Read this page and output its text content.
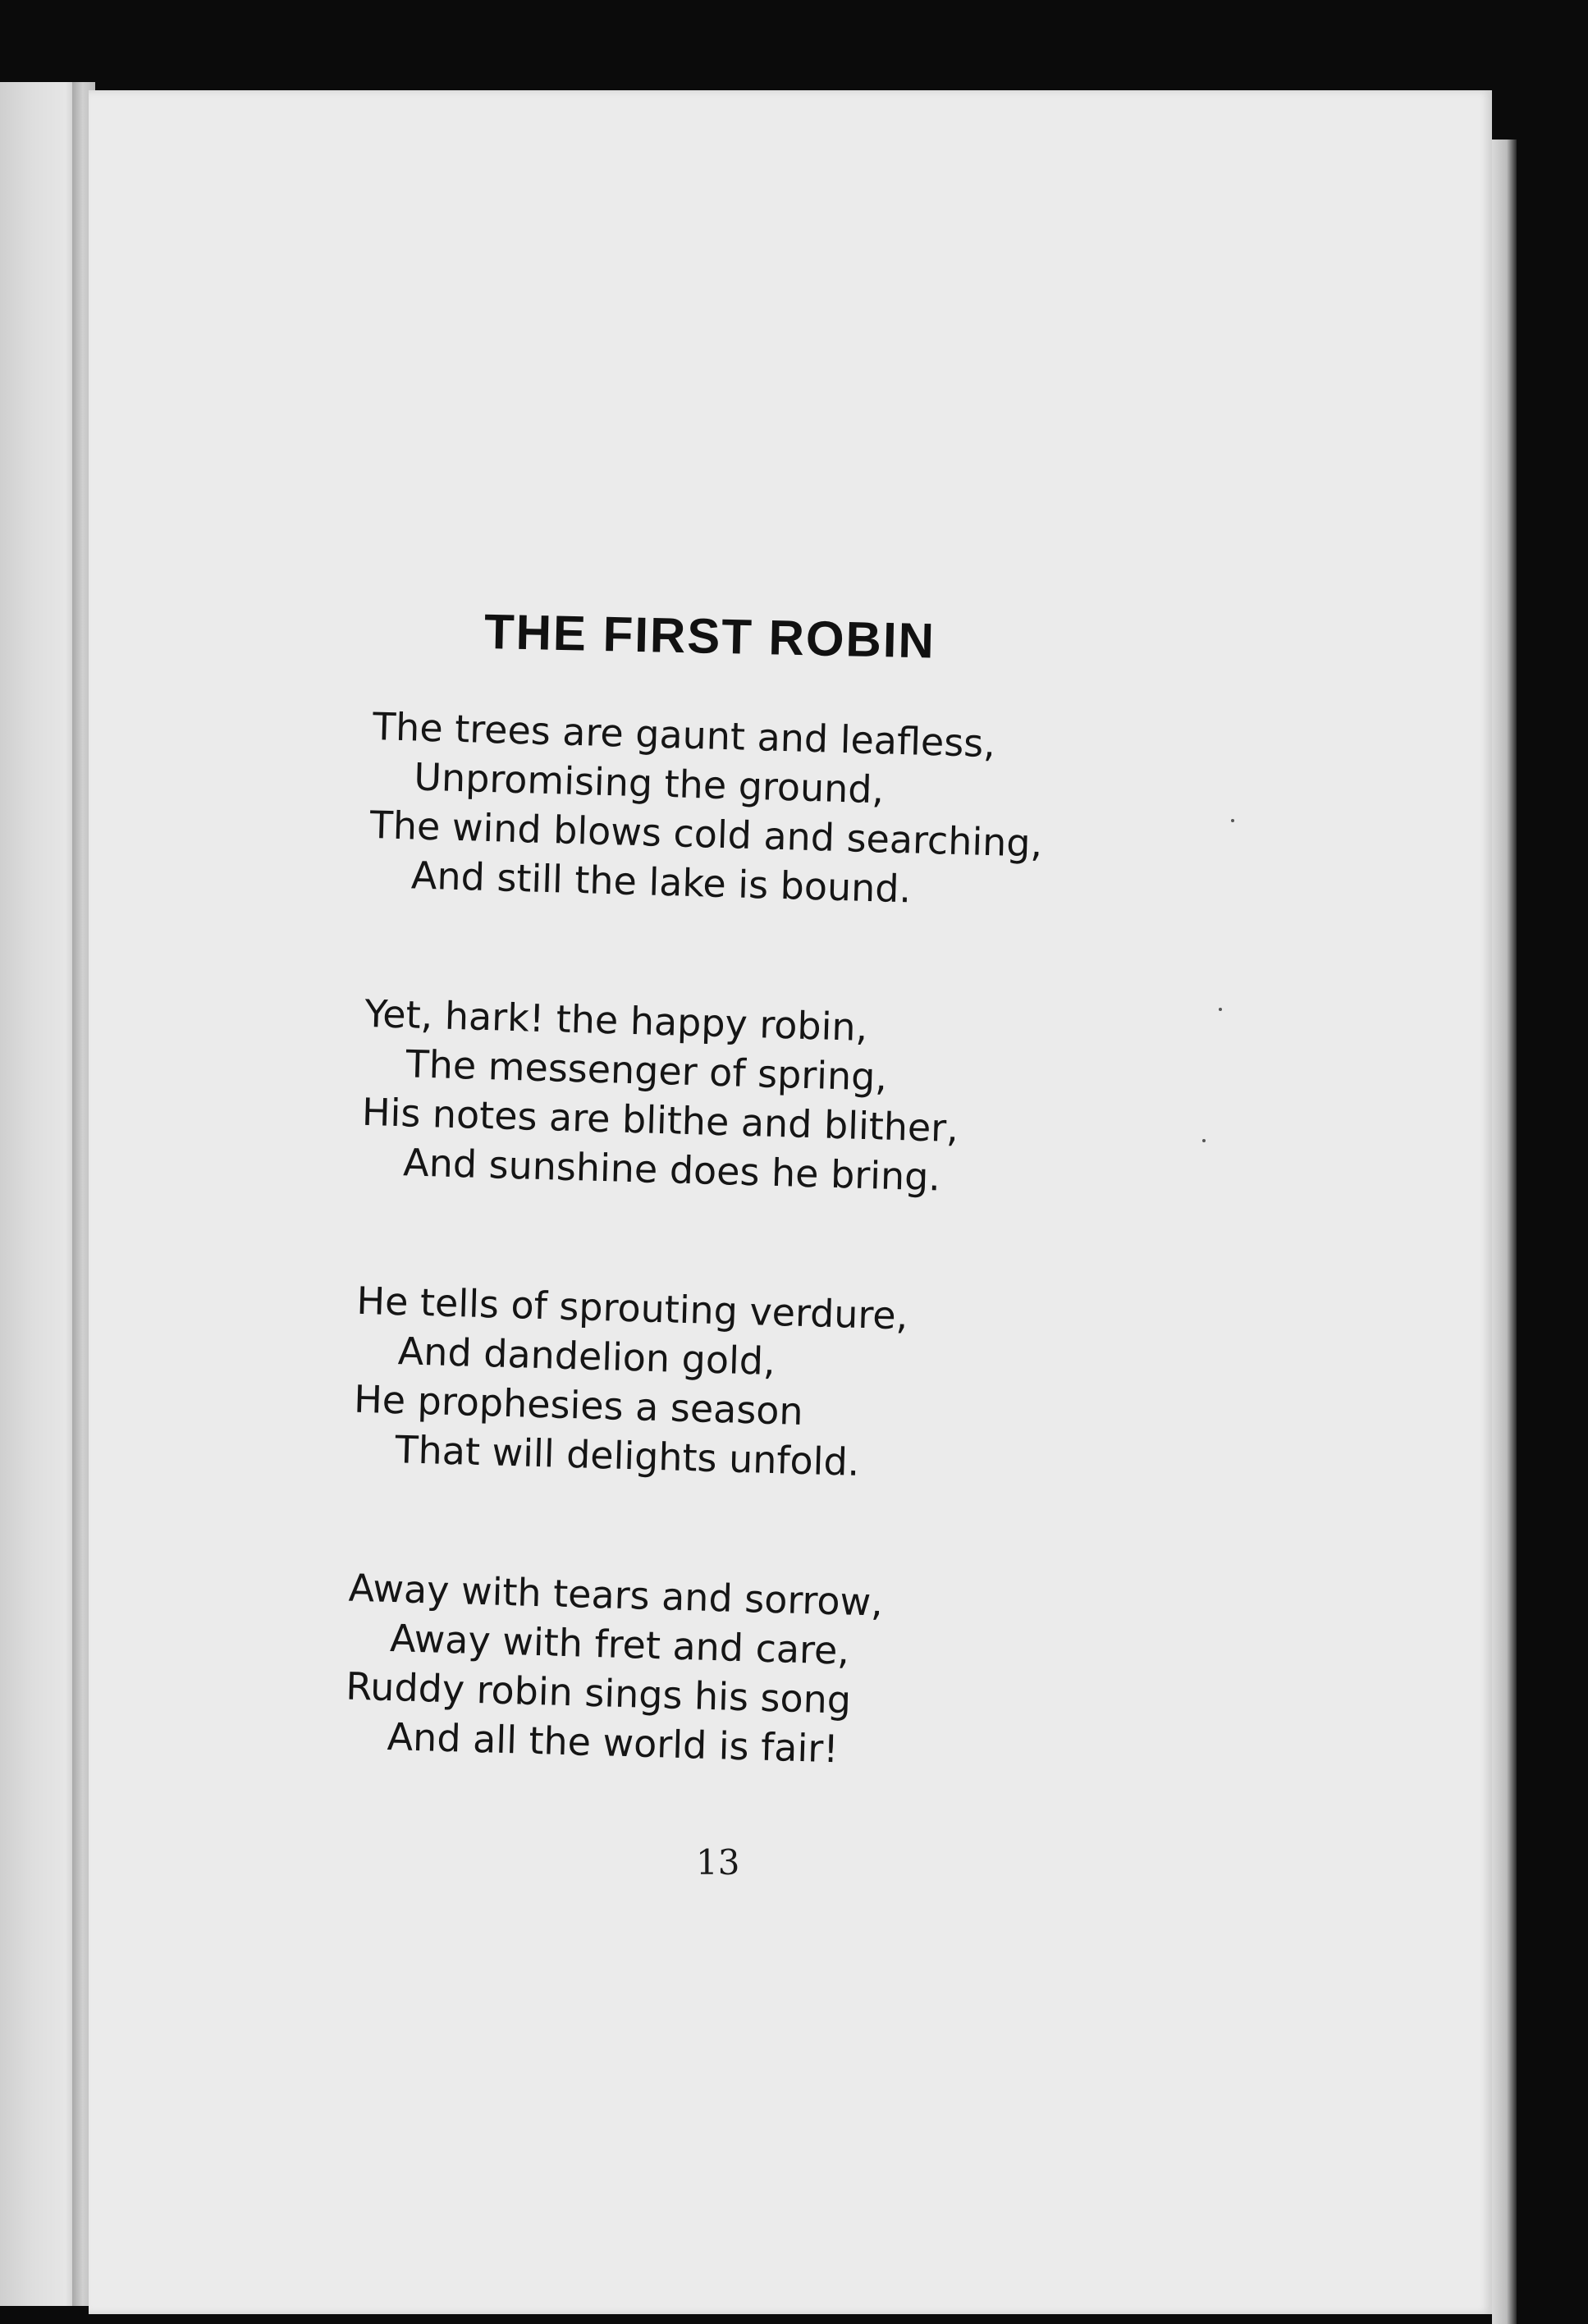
THE FIRST ROBIN
The trees are gaunt and leafless,
Unpromising the ground,
The wind blows cold and searching,
And still the lake is bound.
Yet, hark! the happy robin,
The messenger of spring,
His notes are blithe and blither,
And sunshine does he bring.
He tells of sprouting verdure,
And dandelion gold,
He prophesies a season
That will delights unfold.
Away with tears and sorrow,
Away with fret and care,
Ruddy robin sings his song
And all the world is fair!
13
